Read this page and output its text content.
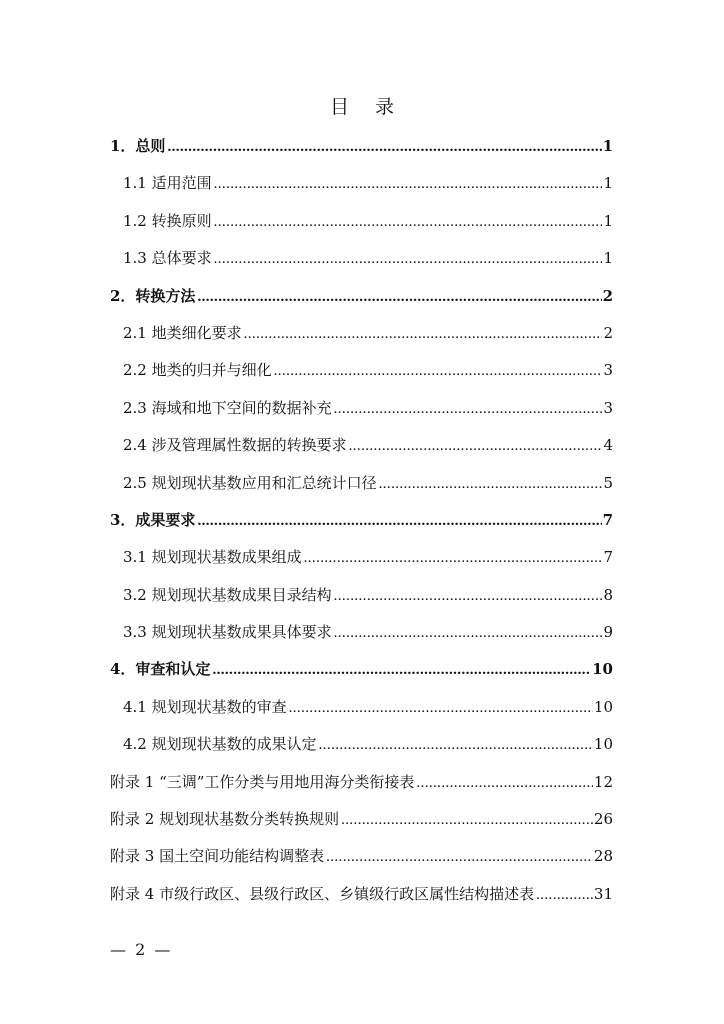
目 录
1．总则 .....	1
1.1 适用范围 .....	1
1.2 转换原则 .....	1
1.3 总体要求 .....	1
2．转换方法 .....	2
2.1 地类细化要求 .....	2
2.2 地类的归并与细化 .....	3
2.3 海域和地下空间的数据补充 .....	3
2.4 涉及管理属性数据的转换要求 .....	4
2.5 规划现状基数应用和汇总统计口径 .....	5
3．成果要求 .....	7
3.1 规划现状基数成果组成 .....	7
3.2 规划现状基数成果目录结构 .....	8
3.3 规划现状基数成果具体要求 .....	9
4．审查和认定 .....	10
4.1 规划现状基数的审查 .....	10
4.2 规划现状基数的成果认定 .....	10
附录 1 “三调”工作分类与用地用海分类衔接表 .....	12
附录 2 规划现状基数分类转换规则 .....	26
附录 3 国土空间功能结构调整表 .....	28
附录 4 市级行政区、县级行政区、乡镇级行政区属性结构描述表 .....	31
— 2 —
